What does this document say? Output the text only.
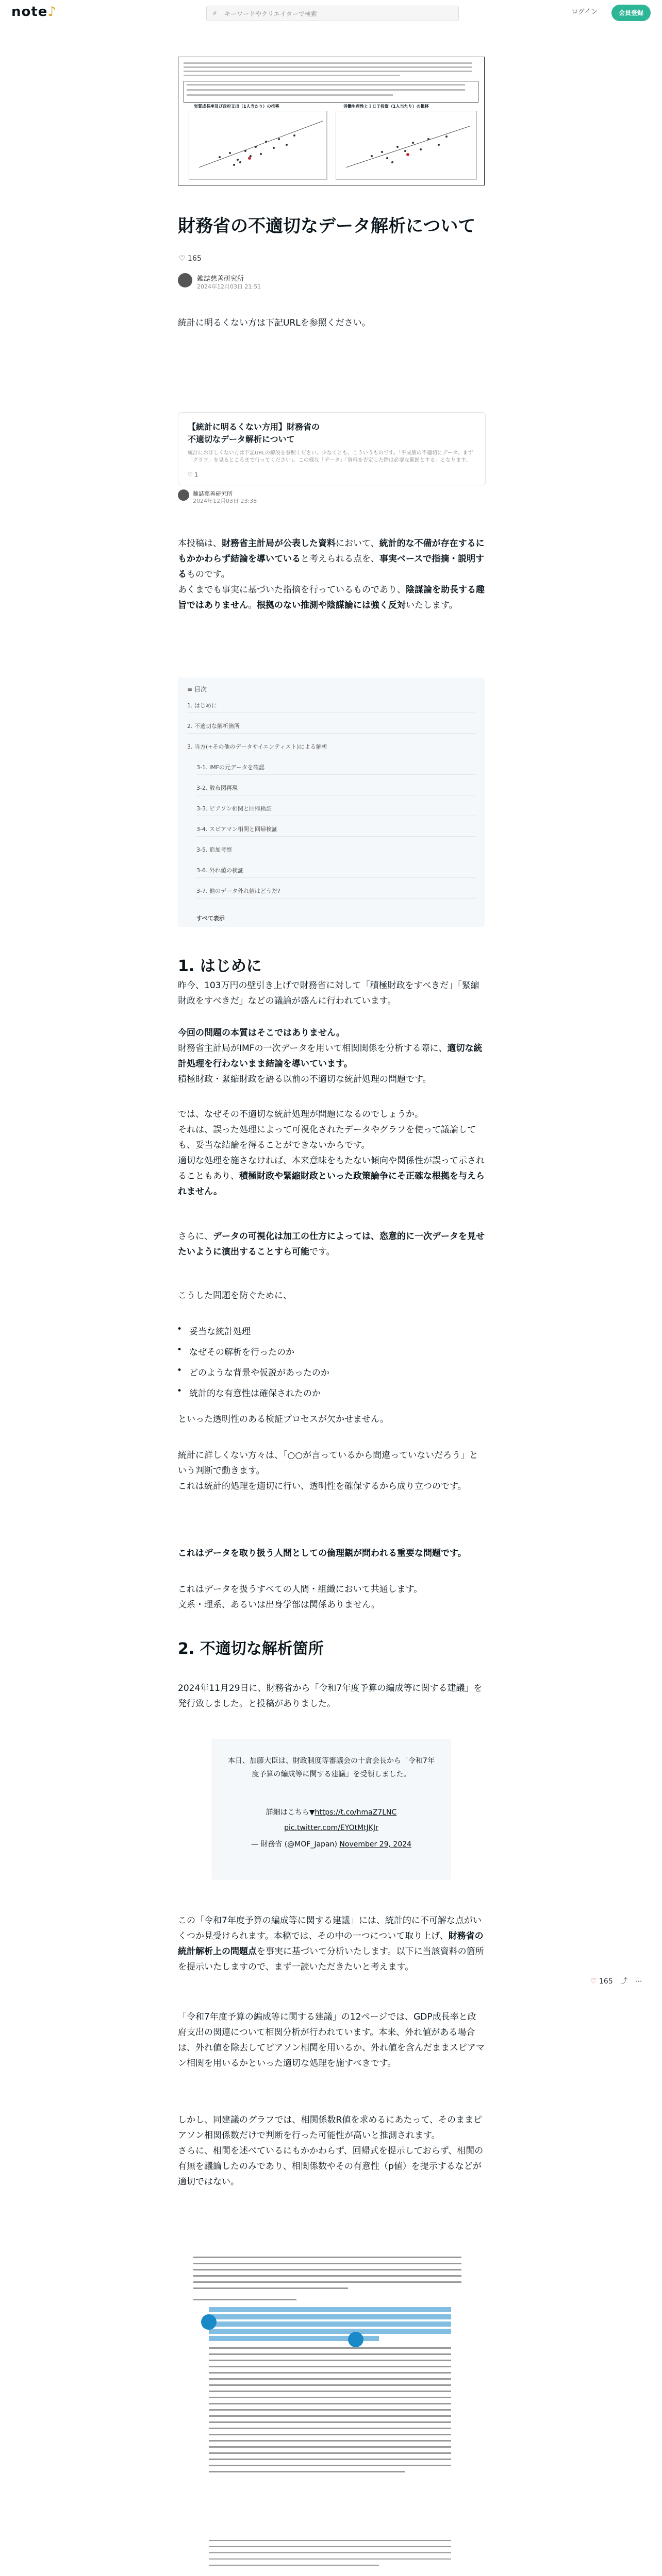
note♪	⌕ キーワードやクリエイターで検索	ログイン	会員登録
実質成長率及び政府支出（1人当たり）の推移	労働生産性とＩＣＴ投資（1人当たり）の推移
財務省の不適切なデータ解析について
♡ 165
雑誌慈善研究所
2024年12月03日 21:51
統計に明るくない方は下記URLを参照ください。
【統計に明るくない方用】財務省の不適切なデータ解析について
統計にお詳しくない方は下記URLの解説を参照ください。少なくとも、こういうものです。「平成版の不適切にデータ、まず「グラフ」を見るところまで行ってください」。この様な「データ」「資料を否定した際は必要な範囲とする」となります。
♡ 1
雑誌慈善研究所
2024年12月03日 23:38
本投稿は、財務省主計局が公表した資料において、統計的な不備が存在するにもかかわらず結論を導いていると考えられる点を、事実ベースで指摘・説明するものです。
あくまでも事実に基づいた指摘を行っているものであり、陰謀論を助長する趣旨ではありません。根拠のない推測や陰謀論には強く反対いたします。
≡ 目次
1. はじめに
2. 不適切な解析箇所
3. 当方(+その他のデータサイエンティスト)による解析
3-1. IMFの元データを確認
3-2. 散布図再現
3-3. ピアソン相関と回帰検証
3-4. スピアマン相関と回帰検証
3-5. 追加考察
3-6. 外れ値の検証
3-7. 他のデータ外れ値はどうだ?
すべて表示
1. はじめに
昨今、103万円の壁引き上げで財務省に対して「積極財政をすべきだ」「緊縮財政をすべきだ」などの議論が盛んに行われています。
今回の問題の本質はそこではありません。
財務省主計局がIMFの一次データを用いて相関関係を分析する際に、適切な統計処理を行わないまま結論を導いています。
積極財政・緊縮財政を語る以前の不適切な統計処理の問題です。
では、なぜその不適切な統計処理が問題になるのでしょうか。
それは、誤った処理によって可視化されたデータやグラフを使って議論しても、妥当な結論を得ることができないからです。
適切な処理を施さなければ、本来意味をもたない傾向や関係性が誤って示されることもあり、積極財政や緊縮財政といった政策論争にそ正確な根拠を与えられません。
さらに、データの可視化は加工の仕方によっては、恣意的に一次データを見せたいように演出することすら可能です。
こうした問題を防ぐために、
• 妥当な統計処理
• なぜその解析を行ったのか
• どのような背景や仮説があったのか
• 統計的な有意性は確保されたのか
といった透明性のある検証プロセスが欠かせません。
統計に詳しくない方々は、「○○が言っているから間違っていないだろう」という判断で動きます。
これは統計的処理を適切に行い、透明性を確保するから成り立つのです。
これはデータを取り扱う人間としての倫理観が問われる重要な問題です。
これはデータを扱うすべての人間・組織において共通します。
文系・理系、あるいは出身学部は関係ありません。
2. 不適切な解析箇所
2024年11月29日に、財務省から「令和7年度予算の編成等に関する建議」を発行致しました。と投稿がありました。
本日、加藤大臣は、財政制度等審議会の十倉会長から「令和7年度予算の編成等に関する建議」を受領しました。
詳細はこちら▼https://t.co/hmaZ7LNC
pic.twitter.com/EYOtMtJKJr
— 財務省 (@MOF_Japan) November 29, 2024
この「令和7年度予算の編成等に関する建議」には、統計的に不可解な点がいくつか見受けられます。本稿では、その中の一つについて取り上げ、財務省の統計解析上の問題点を事実に基づいて分析いたします。以下に当該資料の箇所を提示いたしますので、まず一読いただきたいと考えます。
♡ 165 ⤴ ⋯
「令和7年度予算の編成等に関する建議」の12ページでは、GDP成長率と政府支出の関連について相関分析が行われています。本来、外れ値がある場合は、外れ値を除去してピアソン相関を用いるか、外れ値を含んだままスピアマン相関を用いるかといった適切な処理を施すべきです。
しかし、同建議のグラフでは、相関係数R値を求めるにあたって、そのままピアソン相関係数だけで判断を行った可能性が高いと推測されます。
さらに、相関を述べているにもかかわらず、回帰式を提示しておらず、相関の有無を議論したのみであり、相関係数やその有意性（p値）を提示するなどが適切ではない。
